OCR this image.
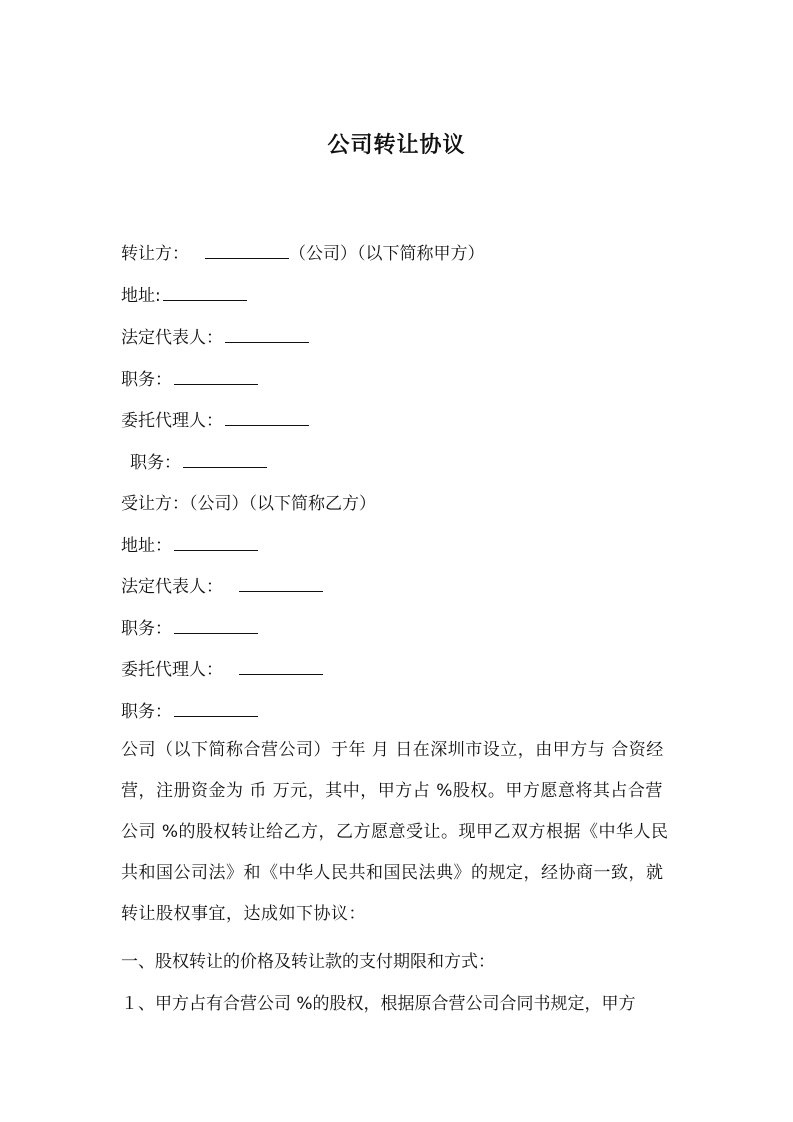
公司转让协议
转让方：	（公司）（以下简称甲方）
地址:
法定代表人：
职务：
委托代理人：
职务：
受让方：（公司）（以下简称乙方）
地址：
法定代表人：
职务：
委托代理人：
职务：
公司（以下简称合营公司）于年 月 日在深圳市设立，由甲方与 合资经营，注册资金为 币 万元，其中，甲方占 %股权。甲方愿意将其占合营公司 %的股权转让给乙方，乙方愿意受让。现甲乙双方根据《中华人民共和国公司法》和《中华人民共和国民法典》的规定，经协商一致，就转让股权事宜，达成如下协议：
一、股权转让的价格及转让款的支付期限和方式：
１、甲方占有合营公司 %的股权，根据原合营公司合同书规定，甲方
